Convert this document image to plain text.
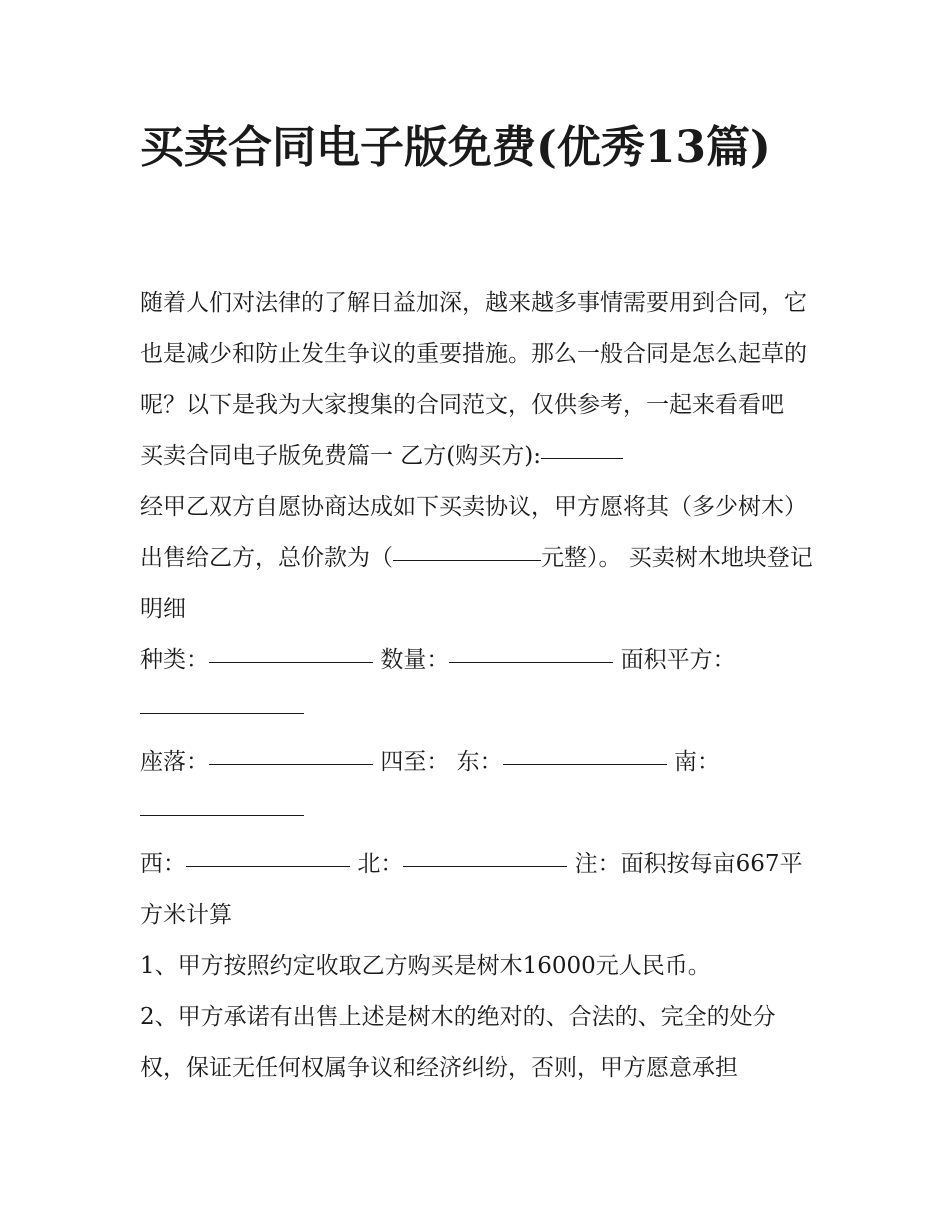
买卖合同电子版免费(优秀13篇)

随着人们对法律的了解日益加深，越来越多事情需要用到合同，它也是减少和防止发生争议的重要措施。那么一般合同是怎么起草的呢？以下是我为大家搜集的合同范文，仅供参考，一起来看看吧

买卖合同电子版免费篇一 乙方(购买方):

经甲乙双方自愿协商达成如下买卖协议，甲方愿将其（多少树木）出售给乙方，总价款为（	元整）。 买卖树木地块登记明细

种类：	数量：	面积平方：

座落：	四至： 东：	南：

西：	北：	注：面积按每亩667平方米计算

1、甲方按照约定收取乙方购买是树木16000元人民币。

2、甲方承诺有出售上述是树木的绝对的、合法的、完全的处分权，保证无任何权属争议和经济纠纷，否则，甲方愿意承担
